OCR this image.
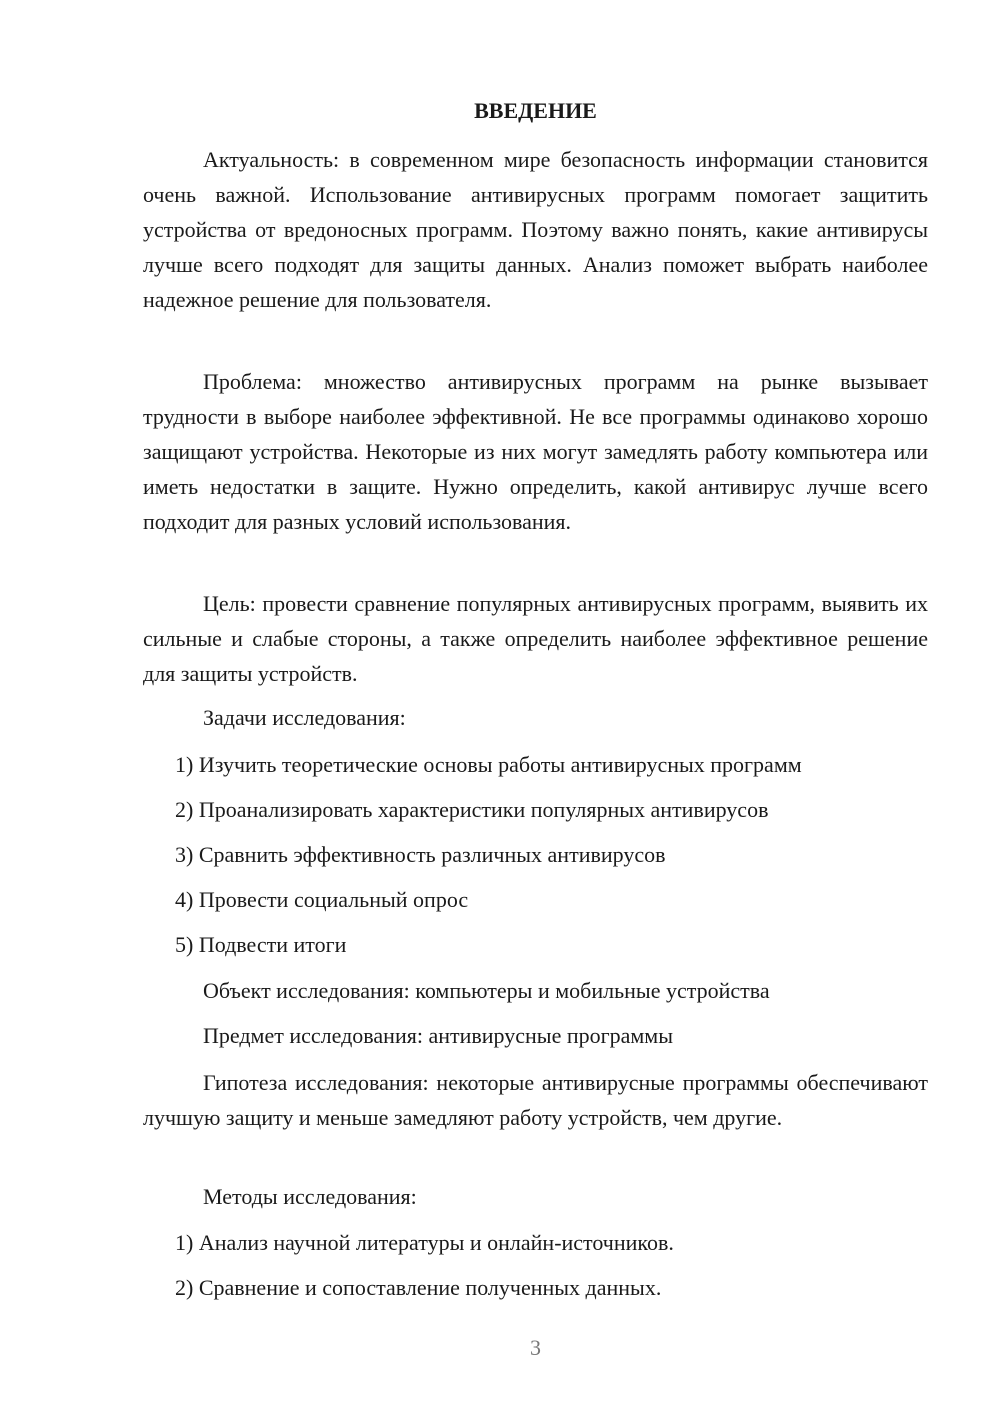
ВВЕДЕНИЕ

Актуальность: в современном мире безопасность информации становится очень важной. Использование антивирусных программ помогает защитить устройства от вредоносных программ. Поэтому важно понять, какие антивирусы лучше всего подходят для защиты данных. Анализ поможет выбрать наиболее надежное решение для пользователя.

Проблема: множество антивирусных программ на рынке вызывает трудности в выборе наиболее эффективной. Не все программы одинаково хорошо защищают устройства. Некоторые из них могут замедлять работу компьютера или иметь недостатки в защите. Нужно определить, какой антивирус лучше всего подходит для разных условий использования.

Цель: провести сравнение популярных антивирусных программ, выявить их сильные и слабые стороны, а также определить наиболее эффективное решение для защиты устройств.

Задачи исследования:
1) Изучить теоретические основы работы антивирусных программ
2) Проанализировать характеристики популярных антивирусов
3) Сравнить эффективность различных антивирусов
4) Провести социальный опрос
5) Подвести итоги
Объект исследования: компьютеры и мобильные устройства
Предмет исследования: антивирусные программы

Гипотеза исследования: некоторые антивирусные программы обеспечивают лучшую защиту и меньше замедляют работу устройств, чем другие.

Методы исследования:
1) Анализ научной литературы и онлайн-источников.
2) Сравнение и сопоставление полученных данных.
3
